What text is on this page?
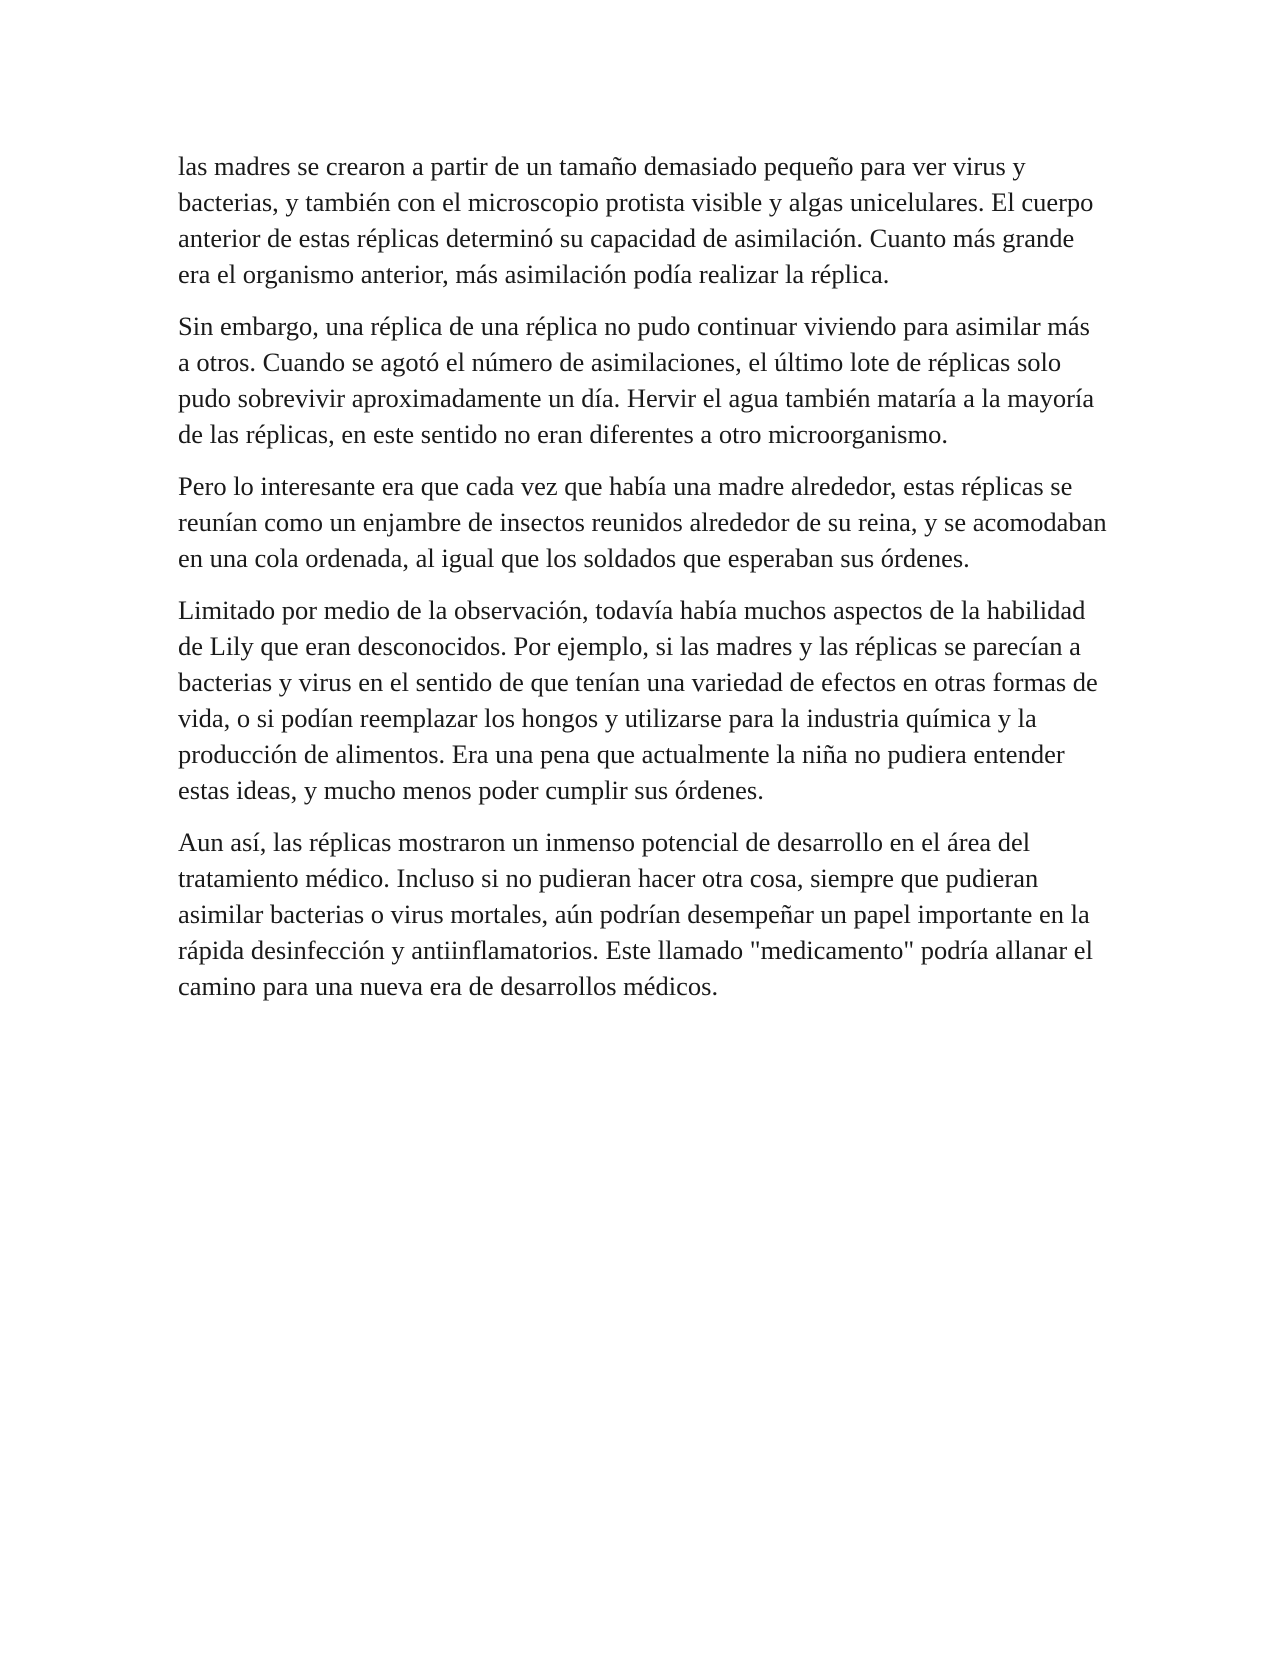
las madres se crearon a partir de un tamaño demasiado pequeño para ver virus y bacterias, y también con el microscopio protista visible y algas unicelulares. El cuerpo anterior de estas réplicas determinó su capacidad de asimilación. Cuanto más grande era el organismo anterior, más asimilación podía realizar la réplica.

Sin embargo, una réplica de una réplica no pudo continuar viviendo para asimilar más a otros. Cuando se agotó el número de asimilaciones, el último lote de réplicas solo pudo sobrevivir aproximadamente un día. Hervir el agua también mataría a la mayoría de las réplicas, en este sentido no eran diferentes a otro microorganismo.

Pero lo interesante era que cada vez que había una madre alrededor, estas réplicas se reunían como un enjambre de insectos reunidos alrededor de su reina, y se acomodaban en una cola ordenada, al igual que los soldados que esperaban sus órdenes.

Limitado por medio de la observación, todavía había muchos aspectos de la habilidad de Lily que eran desconocidos. Por ejemplo, si las madres y las réplicas se parecían a bacterias y virus en el sentido de que tenían una variedad de efectos en otras formas de vida, o si podían reemplazar los hongos y utilizarse para la industria química y la producción de alimentos. Era una pena que actualmente la niña no pudiera entender estas ideas, y mucho menos poder cumplir sus órdenes.

Aun así, las réplicas mostraron un inmenso potencial de desarrollo en el área del tratamiento médico. Incluso si no pudieran hacer otra cosa, siempre que pudieran asimilar bacterias o virus mortales, aún podrían desempeñar un papel importante en la rápida desinfección y antiinflamatorios. Este llamado "medicamento" podría allanar el camino para una nueva era de desarrollos médicos.
